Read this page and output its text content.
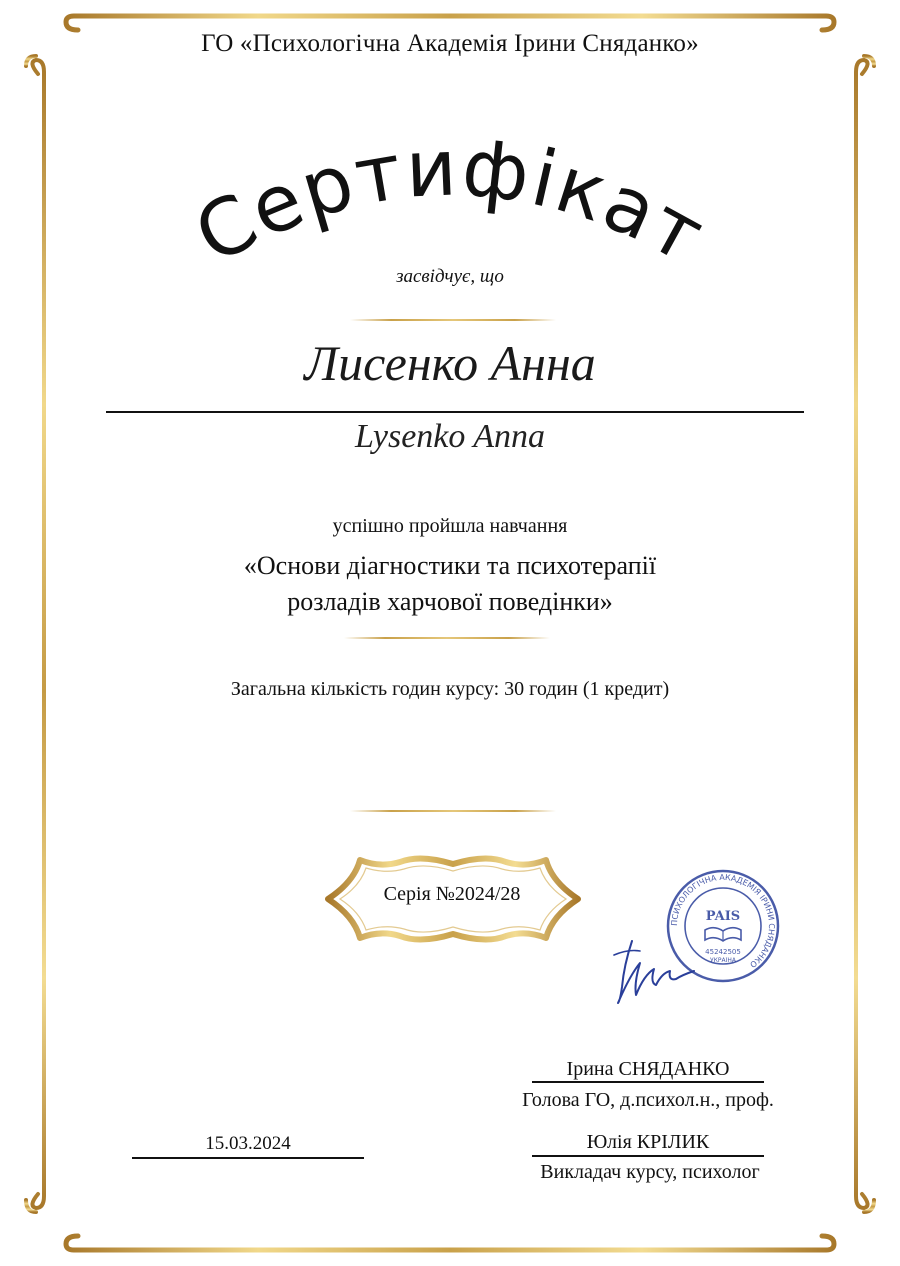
ГО «Психологічна Академія Ірини Сняданко»
Сертифікат
засвідчує, що
Лисенко Анна
Lysenko Anna
успішно пройшла навчання
«Основи діагностики та психотерапії
розладів харчової поведінки»
Загальна кількість годин курсу: 30 годин (1 кредит)
Серія №2024/28
ПСИХОЛОГІЧНА АКАДЕМІЯ ІРИНИ СНЯДАНКО
PAIS
45242505
УКРАЇНА
Ірина СНЯДАНКО
Голова ГО, д.психол.н., проф.
15.03.2024	Юлія КРІЛИК
Викладач курсу, психолог
